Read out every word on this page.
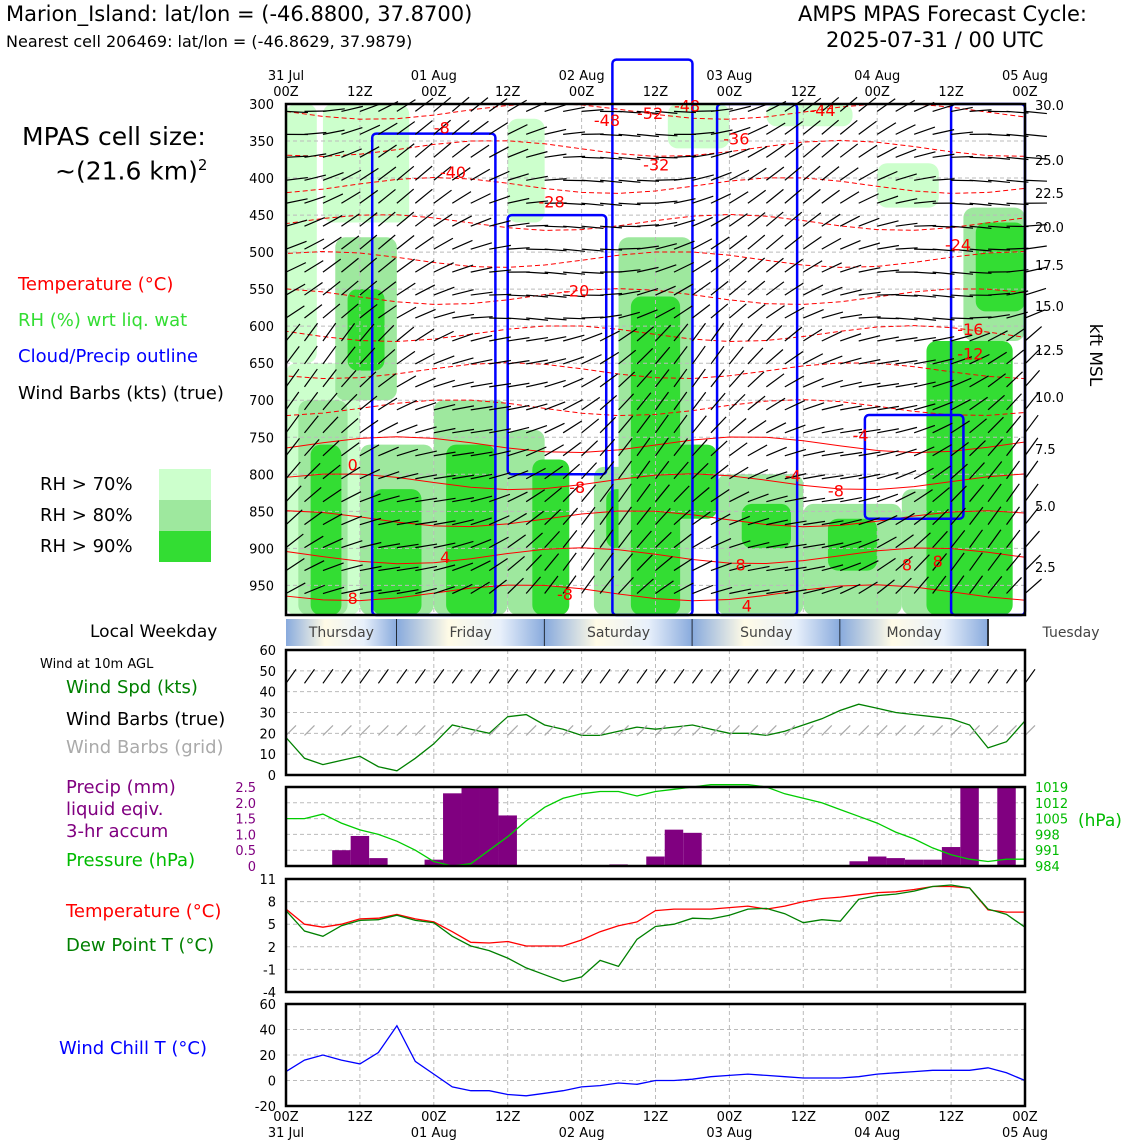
Marion_Island: lat/lon = (-46.8800, 37.8700)
Nearest cell 206469: lat/lon = (-46.8629, 37.9879)
AMPS MPAS Forecast Cycle:
2025-07-31 / 00 UTC
MPAS cell size:
~(21.6 km)$^2$
Temperature (°C)
RH (%) wrt liq. wat
Cloud/Precip outline
Wind Barbs (kts) (true)
RH > 70%
RH > 80%
RH > 90%
Wind at 10m AGL
Wind Spd (kts)
Wind Barbs (true)
Wind Barbs (grid)
Precip (mm)
liquid eqiv.
3-hr accum
Pressure (hPa)
Temperature (°C)
Dew Point T (°C)
Wind Chill T (°C)
Local Weekday
-52 -48
-48
-44
-40
-36
-32
-28
-24
-20
-16
-12
-8	-8
-8
-4
-4
0
4
4
8
8	8 8
-8
300
350
400
450
500
550
600
650
700
750
800
850
900
950
30.0
25.0
22.5
20.0
17.5
15.0
12.5
10.0
7.5
5.0
2.5
kft MSL
31 Jul
00Z	12Z
01 Aug
00Z	12Z
02 Aug
00Z	12Z
03 Aug
00Z	12Z
04 Aug
00Z	12Z
05 Aug
00Z
Thursday	Friday	Saturday	Sunday	Monday	Tuesday
0
10
20
30
40
50
60
0
0.5
1.0
1.5
2.0
2.5
984
991
998
1005
1012
1019
(hPa)
-4
-1
2
5
8
11
-20
0
20
40
60
00Z
31 Jul
12Z	00Z
01 Aug
12Z	00Z
02 Aug
12Z	00Z
03 Aug
12Z	00Z
04 Aug
12Z	00Z
05 Aug
